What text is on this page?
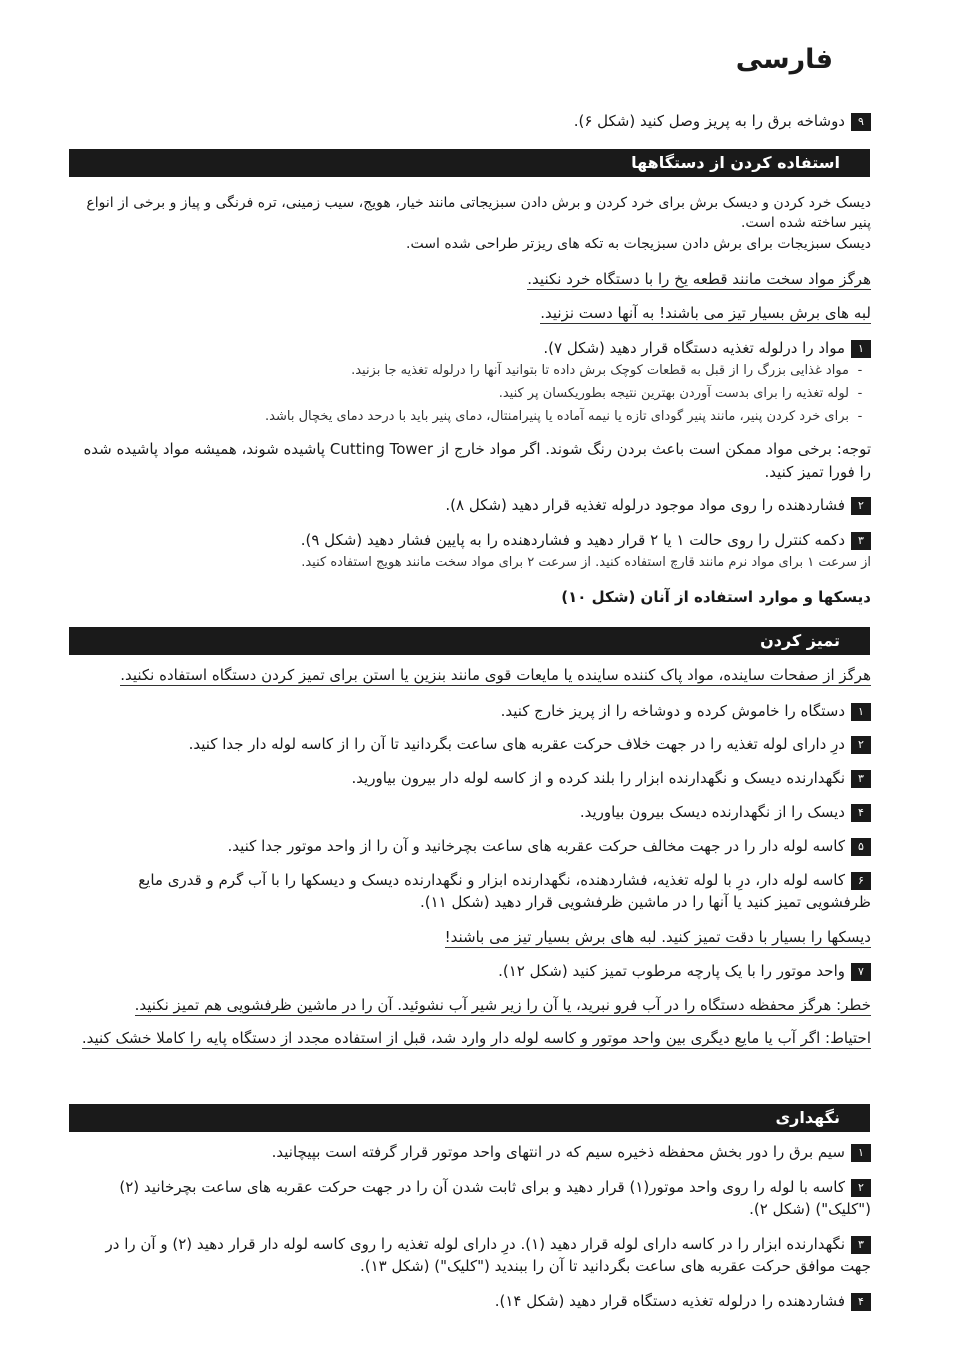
فارسی
۹دوشاخه برق را به پریز وصل کنید (شکل ۶).
استفاده کردن از دستگاهها
دیسک خرد کردن و دیسک برش برای خرد کردن و برش دادن سبزیجاتی مانند خیار، هویج، سیب زمینی، تره فرنگی و پیاز و برخی از انواع پنیر ساخته شده است.
دیسک سبزیجات برای برش دادن سبزیجات به تکه های ریزتر طراحی شده است.
هرگز مواد سخت مانند قطعه یخ را با دستگاه خرد نکنید.
لبه های برش بسیار تیز می باشند! به آنها دست نزنید.
۱مواد را درلوله تغذیه دستگاه قرار دهید (شکل ۷).
-مواد غذایی بزرگ را از قبل به قطعات کوچک برش داده تا بتوانید آنها را درلوله تغذیه جا بزنید.
-لوله تغذیه را برای بدست آوردن بهترین نتیجه بطوریکسان پر کنید.
-برای خرد کردن پنیر، مانند پنیر گودای تازه یا نیمه آماده یا پنیرامنتال، دمای پنیر باید با درحد دمای یخچال باشد.
توجه: برخی مواد ممکن است باعث بردن رنگ شوند. اگر مواد خارج از Cutting Tower پاشیده شوند، همیشه مواد پاشیده شده را فورا تمیز کنید.
۲فشاردهنده را روی مواد موجود درلوله تغذیه قرار دهید (شکل ۸).
۳دکمه کنترل را روی حالت ۱ یا ۲ قرار دهید و فشاردهنده را به پایین فشار دهید (شکل ۹).
از سرعت ۱ برای مواد نرم مانند قارچ استفاده کنید. از سرعت ۲ برای مواد سخت مانند هویج استفاده کنید.
دیسکها و موارد استفاده از آنان (شکل ۱۰)
تمیز کردن
هرگز از صفحات ساینده، مواد پاک کننده ساینده یا مایعات قوی مانند بنزین یا استن برای تمیز کردن دستگاه استفاده نکنید.
۱دستگاه را خاموش کرده و دوشاخه را از پریز خارج کنید.
۲درِ دارای لوله تغذیه را در جهت خلاف حرکت عقربه های ساعت بگردانید تا آن را از کاسه لوله دار جدا کنید.
۳نگهدارنده دیسک و نگهدارنده ابزار را بلند کرده و از کاسه لوله دار بیرون بیاورید.
۴دیسک را از نگهدارنده دیسک بیرون بیاورید.
۵کاسه لوله دار را در جهت مخالف حرکت عقربه های ساعت بچرخانید و آن را از واحد موتور جدا کنید.
۶کاسه لوله دار، درِ با لوله تغذیه، فشاردهنده، نگهدارنده ابزار و نگهدارنده دیسک و دیسکها را با آب گرم و قدری مایع ظرفشویی تمیز کنید یا آنها را در ماشین ظرفشویی قرار دهید (شکل ۱۱).
دیسکها را بسیار با دقت تمیز کنید. لبه های برش بسیار تیز می باشند!
۷واحد موتور را با یک پارچه مرطوب تمیز کنید (شکل ۱۲).
خطر: هرگز محفظه دستگاه را در آب فرو نبرید، یا آن را زیر شیر آب نشوئید. آن را در ماشین ظرفشویی هم تمیز نکنید.
احتیاط: اگر آب یا مایع دیگری بین واحد موتور و کاسه لوله دار وارد شد، قبل از استفاده مجدد از دستگاه پایه را کاملا خشک کنید.
نگهداری
۱سیم برق را دور بخش محفظه ذخیره سیم که در انتهای واحد موتور قرار گرفته است بپیچانید.
۲کاسه با لوله را روی واحد موتور(۱) قرار دهید و برای ثابت شدن آن را در جهت حرکت عقربه های ساعت بچرخانید (۲) ("کلیک") (شکل ۲).
۳نگهدارنده ابزار را در کاسه دارای لوله قرار دهید (۱). درِ دارای لوله تغذیه را روی کاسه لوله دار قرار دهید (۲) و آن را در جهت موافق حرکت عقربه های ساعت بگردانید تا آن را ببندید ("کلیک") (شکل ۱۳).
۴فشاردهنده را درلوله تغذیه دستگاه قرار دهید (شکل ۱۴).
